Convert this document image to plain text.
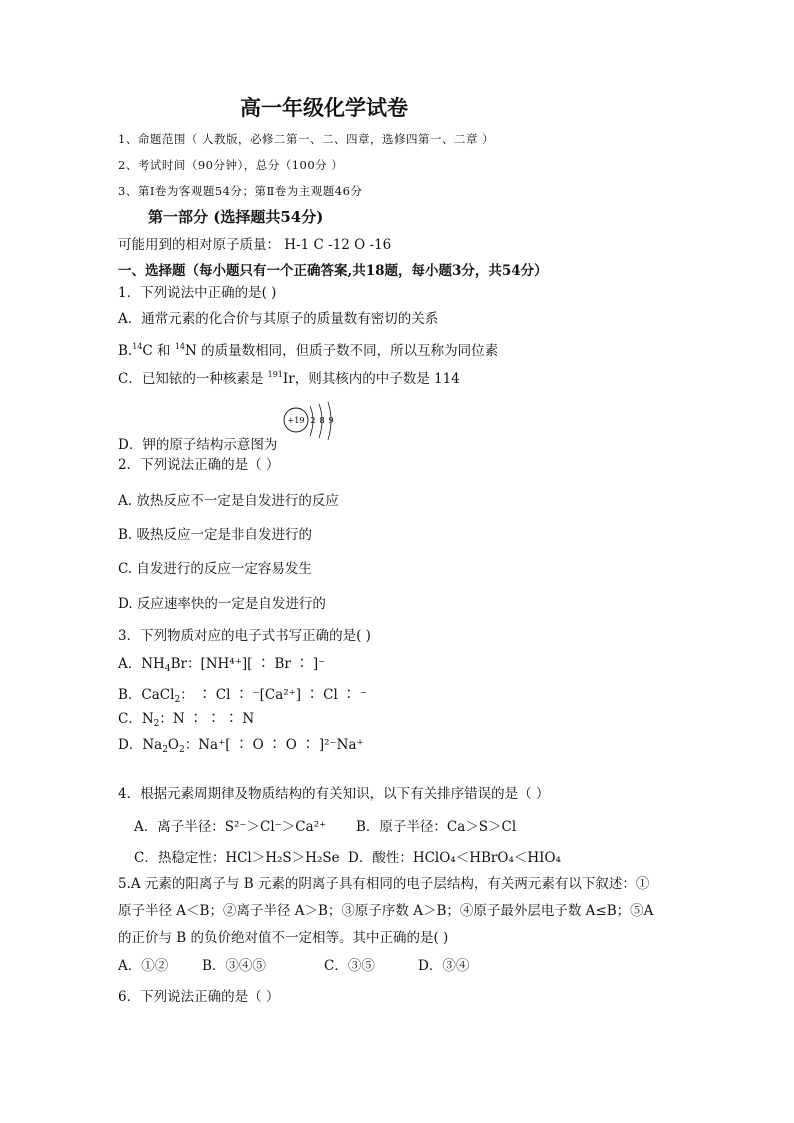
高一年级化学试卷
1、命题范围（ 人教版，必修二第一、二、四章，选修四第一、二章 ）
2、考试时间（90分钟），总分（100分 ）
3、第Ⅰ卷为客观题54分；第Ⅱ卷为主观题46分
第一部分 (选择题共54分)
可能用到的相对原子质量： H-1 C -12 O -16
一、选择题（每小题只有一个正确答案,共18题，每小题3分，共54分）
1．下列说法中正确的是( )
A．通常元素的化合价与其原子的质量数有密切的关系
B.$^{14}$C 和 $^{14}$N 的质量数相同，但质子数不同，所以互称为同位素
C．已知铱的一种核素是 $^{191}$Ir，则其核内的中子数是 114
+19 2 8 9
D．钾的原子结构示意图为
2．下列说法正确的是（ ）
A. 放热反应不一定是自发进行的反应
B. 吸热反应一定是非自发进行的
C. 自发进行的反应一定容易发生
D. 反应速率快的一定是自发进行的
3．下列物质对应的电子式书写正确的是( )
A．$NH_4Br$：[NH⁴⁺][ ∶ Br ∶ ]⁻
B．CaCl$_2$： ∶ Cl ∶ ⁻[Ca²⁺] ∶ Cl ∶ ⁻
C．$N_2$：N ∶ ∶ ∶ N
D．$Na_2O_2$：Na⁺[ ∶ O ∶ O ∶ ]²⁻Na⁺
4．根据元素周期律及物质结构的有关知识，以下有关排序错误的是（ ）
A．离子半径：S²⁻＞Cl⁻＞Ca²⁺ B．原子半径：Ca＞S＞Cl
C．热稳定性：HCl＞H₂S＞H₂Se D．酸性：HClO₄＜HBrO₄＜HIO₄
5.A 元素的阳离子与 B 元素的阴离子具有相同的电子层结构，有关两元素有以下叙述：①
原子半径 A＜B；②离子半径 A＞B；③原子序数 A＞B；④原子最外层电子数 A≤B；⑤A
的正价与 B 的负价绝对值不一定相等。其中正确的是( )
A．①②	B．③④⑤	C．③⑤	D．③④
6．下列说法正确的是（ ）
